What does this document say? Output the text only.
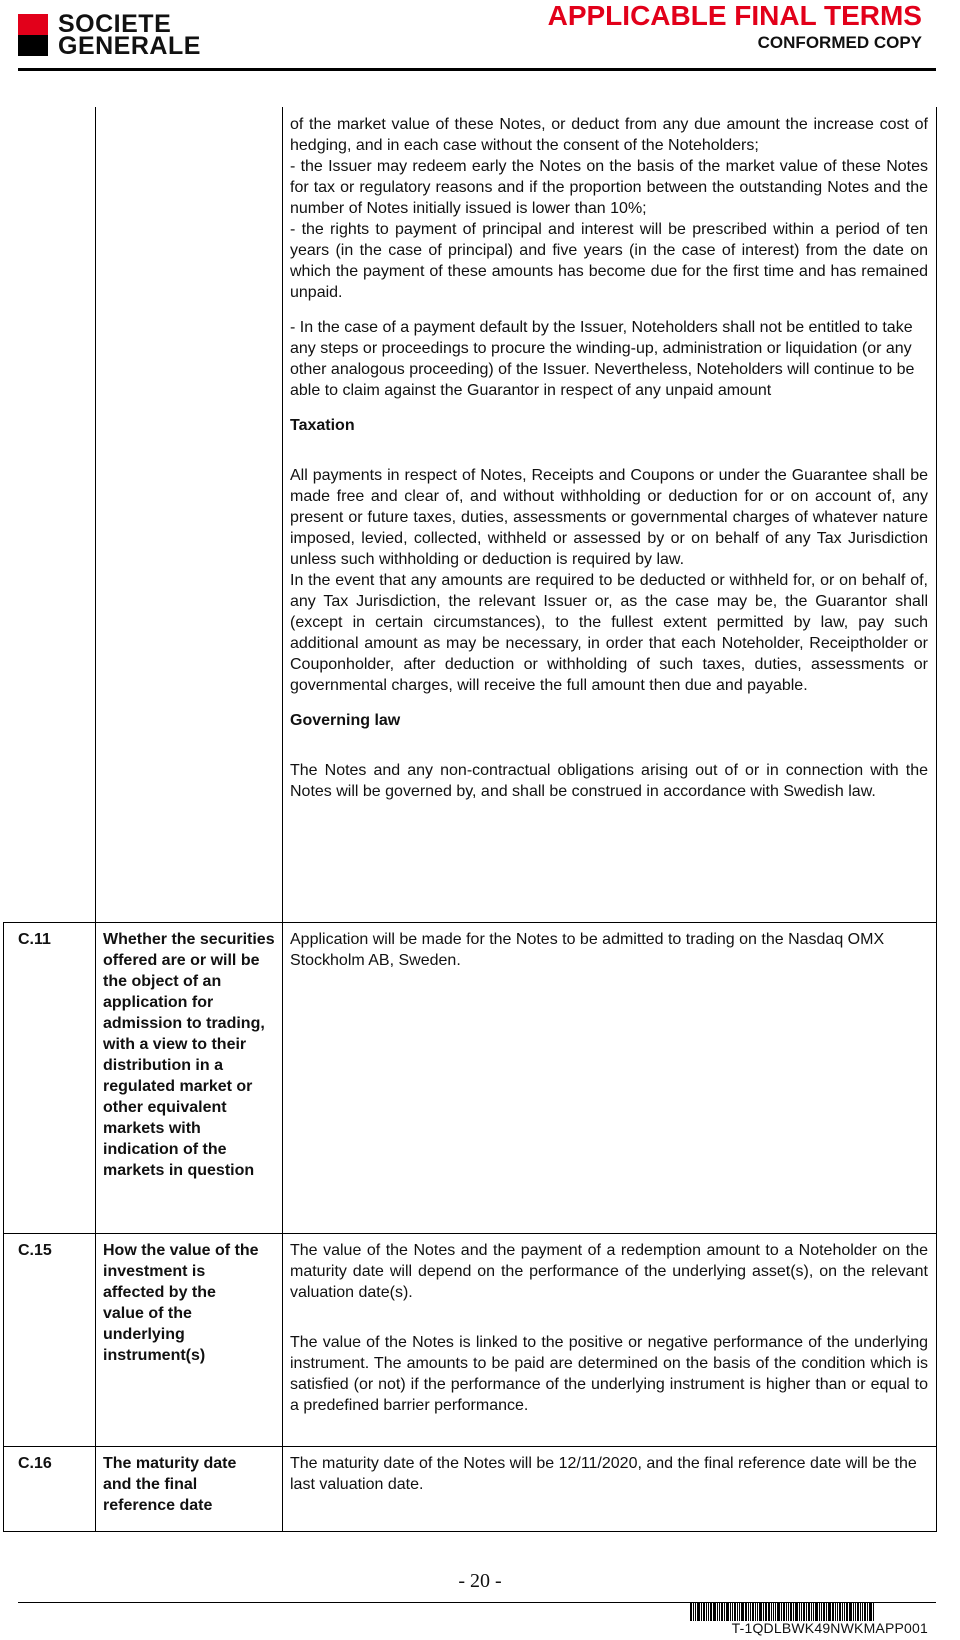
SOCIETE
GENERALE
APPLICABLE FINAL TERMS
CONFORMED COPY

of the market value of these Notes, or deduct from any due amount the increase cost of hedging, and in each case without the consent of the Noteholders;

- the Issuer may redeem early the Notes on the basis of the market value of these Notes for tax or regulatory reasons and if the proportion between the outstanding Notes and the number of Notes initially issued is lower than 10%;

- the rights to payment of principal and interest will be prescribed within a period of ten years (in the case of principal) and five years (in the case of interest) from the date on which the payment of these amounts has become due for the first time and has remained unpaid.

- In the case of a payment default by the Issuer, Noteholders shall not be entitled to take any steps or proceedings to procure the winding-up, administration or liquidation (or any other analogous proceeding) of the Issuer. Nevertheless, Noteholders will continue to be able to claim against the Guarantor in respect of any unpaid amount

Taxation

All payments in respect of Notes, Receipts and Coupons or under the Guarantee shall be made free and clear of, and without withholding or deduction for or on account of, any present or future taxes, duties, assessments or governmental charges of whatever nature imposed, levied, collected, withheld or assessed by or on behalf of any Tax Jurisdiction unless such withholding or deduction is required by law.

In the event that any amounts are required to be deducted or withheld for, or on behalf of, any Tax Jurisdiction, the relevant Issuer or, as the case may be, the Guarantor shall (except in certain circumstances), to the fullest extent permitted by law, pay such additional amount as may be necessary, in order that each Noteholder, Receiptholder or Couponholder, after deduction or withholding of such taxes, duties, assessments or governmental charges, will receive the full amount then due and payable.

Governing law

The Notes and any non-contractual obligations arising out of or in connection with the Notes will be governed by, and shall be construed in accordance with Swedish law.

C.11	Whether the securities offered are or will be the object of an application for admission to trading, with a view to their distribution in a regulated market or other equivalent markets with indication of the markets in question

Application will be made for the Notes to be admitted to trading on the Nasdaq OMX Stockholm AB, Sweden.

C.15	How the value of the investment is affected by the value of the underlying instrument(s)

The value of the Notes and the payment of a redemption amount to a Noteholder on the maturity date will depend on the performance of the underlying asset(s), on the relevant valuation date(s).

The value of the Notes is linked to the positive or negative performance of the underlying instrument. The amounts to be paid are determined on the basis of the condition which is satisfied (or not) if the performance of the underlying instrument is higher than or equal to a predefined barrier performance.

C.16	The maturity date and the final reference date

The maturity date of the Notes will be 12/11/2020, and the final reference date will be the last valuation date.

- 20 -
T-1QDLBWK49NWKMAPP001
